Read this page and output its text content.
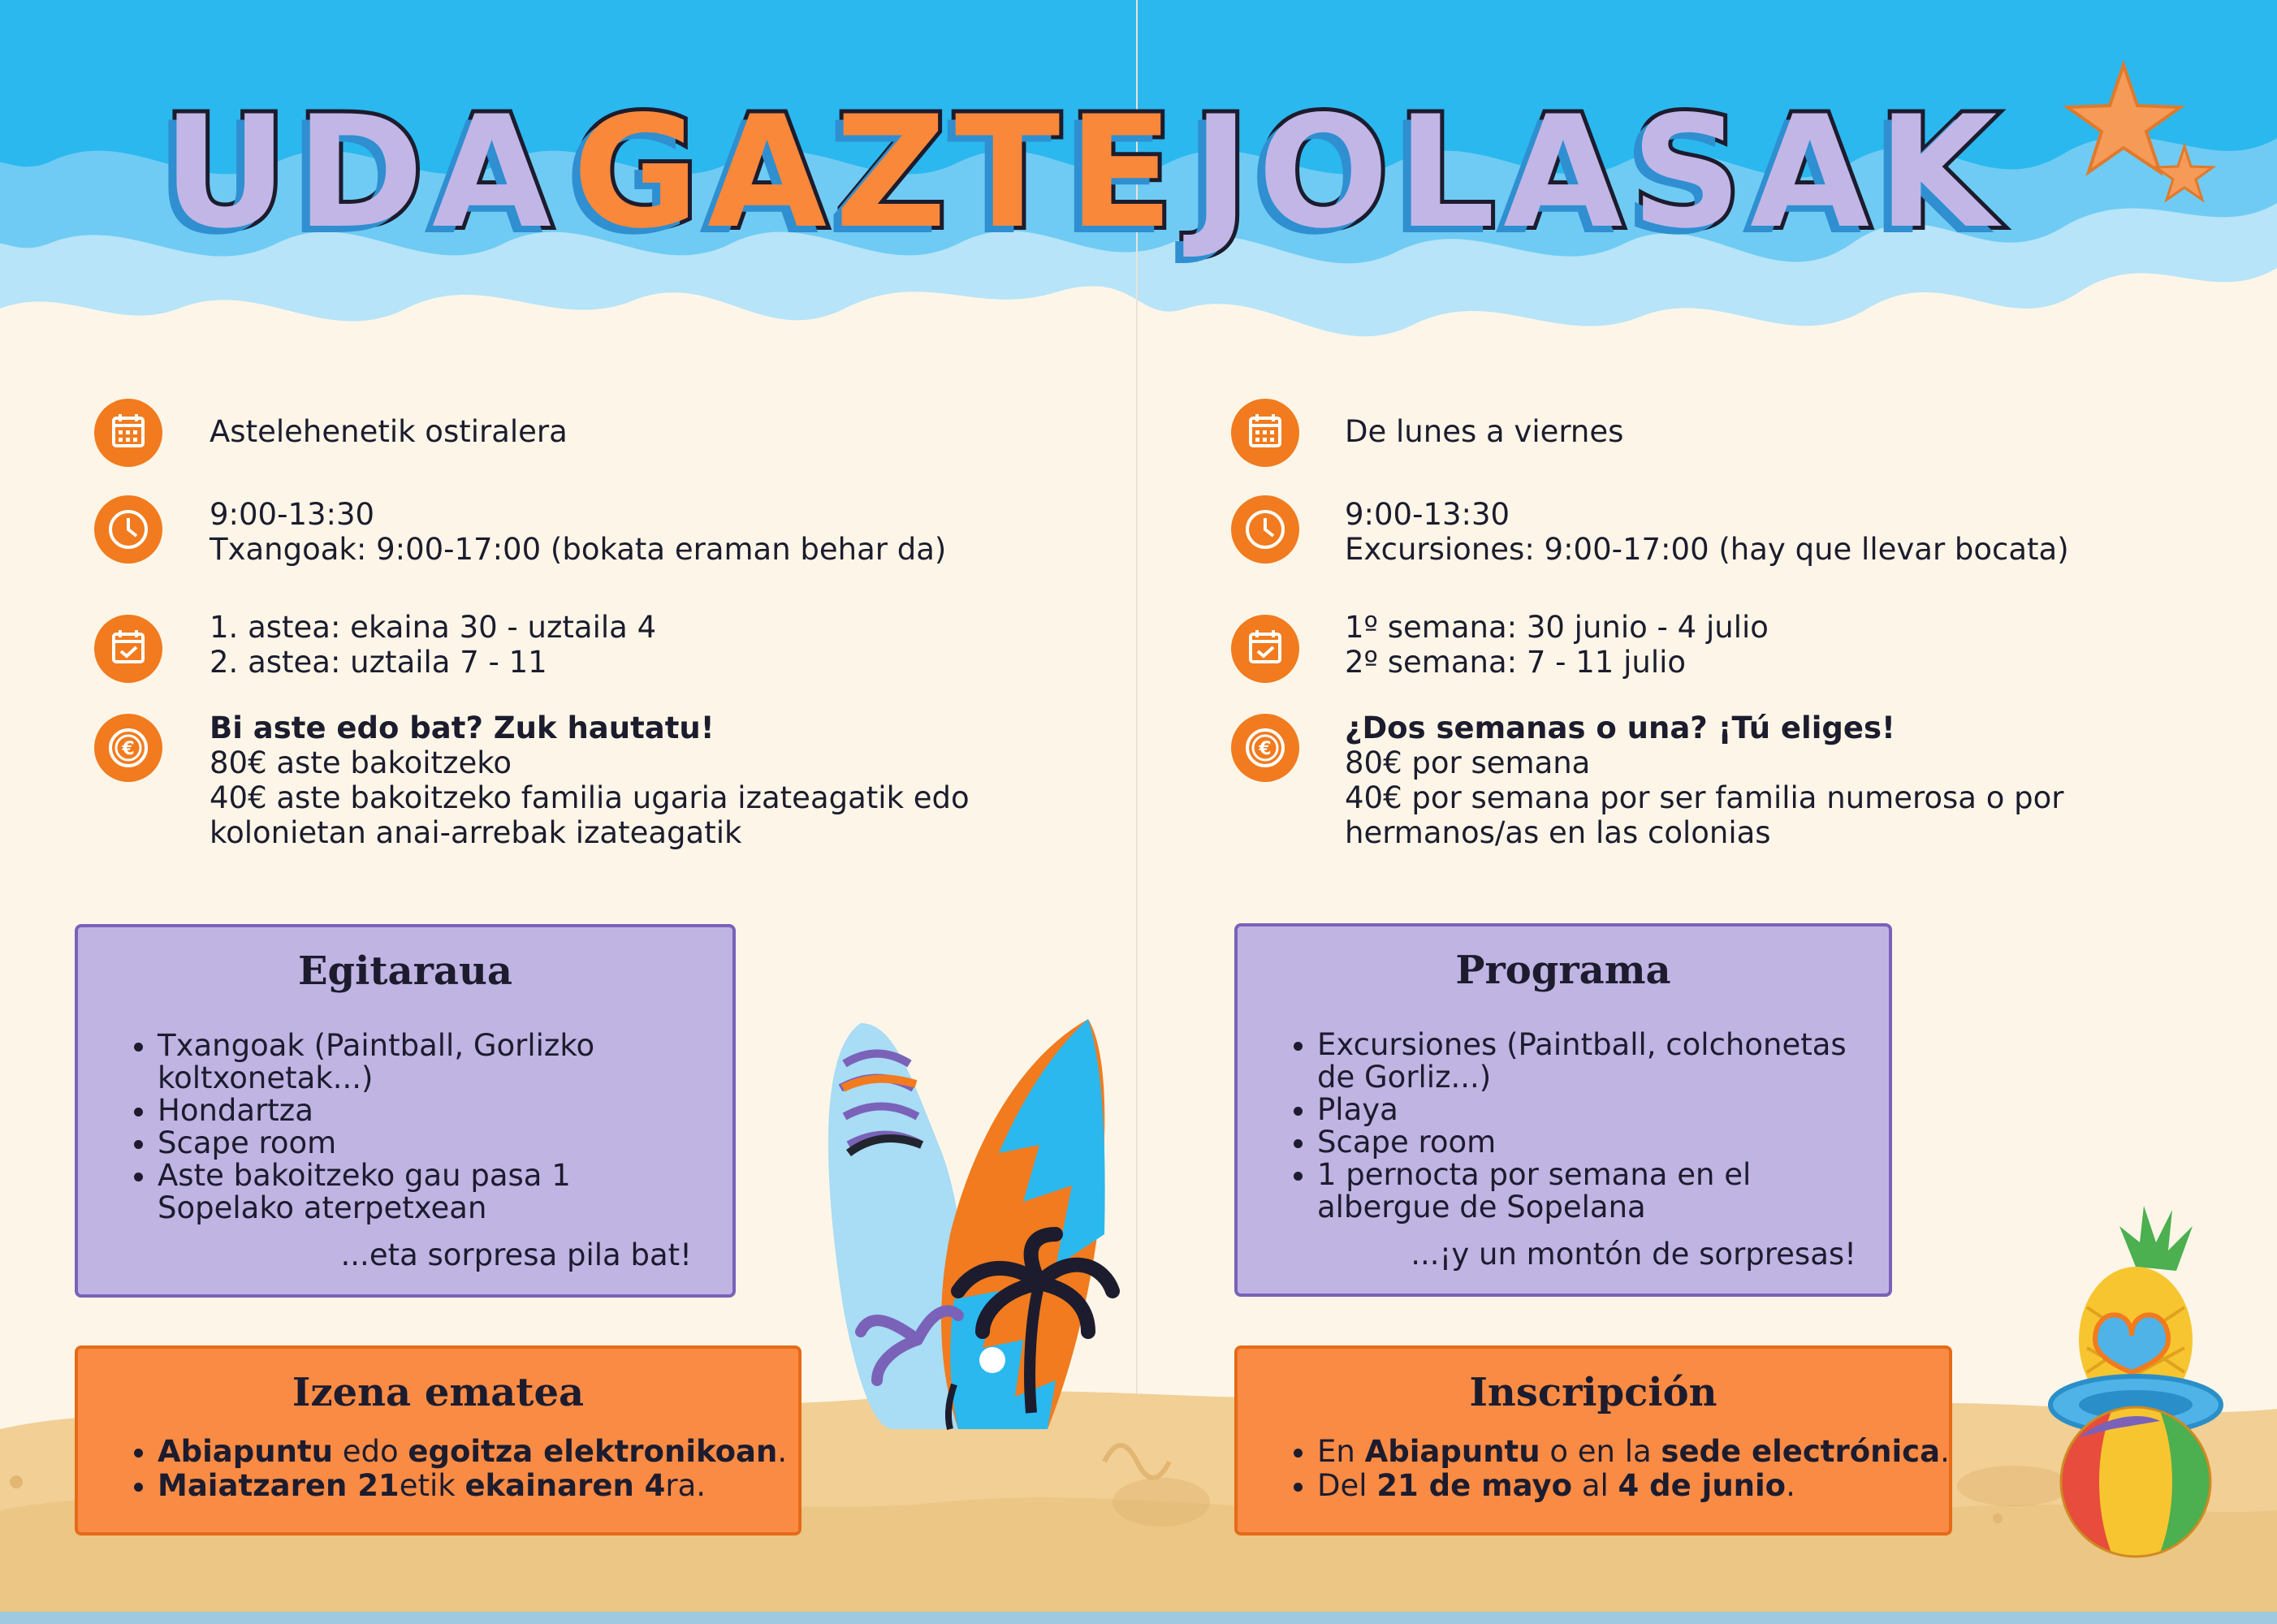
UDA GAZTE JOLASAK
Astelehenetik ostiralera
9:00-13:30
Txangoak: 9:00-17:00 (bokata eraman behar da)
1. astea: ekaina 30 - uztaila 4
2. astea: uztaila 7 - 11
€
Bi aste edo bat? Zuk hautatu!
80€ aste bakoitzeko
40€ aste bakoitzeko familia ugaria izateagatik edo
kolonietan anai-arrebak izateagatik
De lunes a viernes
9:00-13:30
Excursiones: 9:00-17:00 (hay que llevar bocata)
1º semana: 30 junio - 4 julio
2º semana: 7 - 11 julio
€
¿Dos semanas o una? ¡Tú eliges!
80€ por semana
40€ por semana por ser familia numerosa o por
hermanos/as en las colonias
Egitaraua
• Txangoak (Paintball, Gorlizko koltxonetak...)
• Hondartza
• Scape room
• Aste bakoitzeko gau pasa 1 Sopelako aterpetxean
...eta sorpresa pila bat!
Programa
• Excursiones (Paintball, colchonetas de Gorliz...)
• Playa
• Scape room
• 1 pernocta por semana en el albergue de Sopelana
...¡y un montón de sorpresas!
Izena ematea
• Abiapuntu edo egoitza elektronikoan.
• Maiatzaren 21etik ekainaren 4ra.
Inscripción
• En Abiapuntu o en la sede electrónica.
• Del 21 de mayo al 4 de junio.
